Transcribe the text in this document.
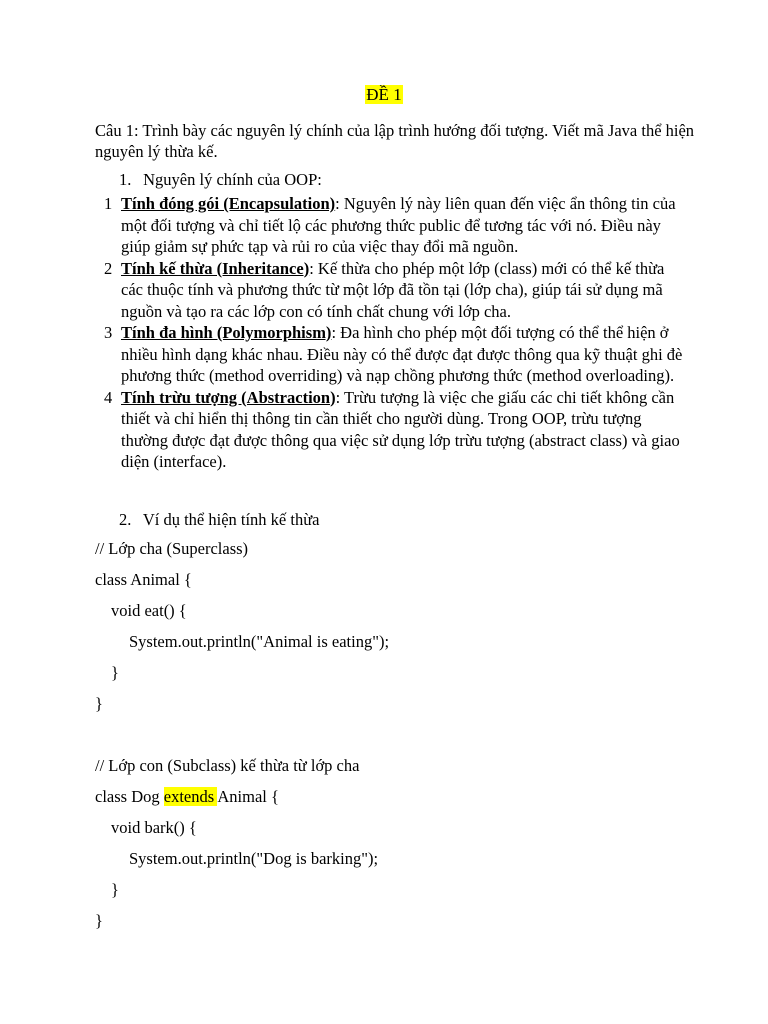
ĐỀ 1
Câu 1: Trình bày các nguyên lý chính của lập trình hướng đối tượng. Viết mã Java thể hiện nguyên lý thừa kế.
1. Nguyên lý chính của OOP:
1 Tính đóng gói (Encapsulation): Nguyên lý này liên quan đến việc ẩn thông tin của một đối tượng và chỉ tiết lộ các phương thức public để tương tác với nó. Điều này giúp giảm sự phức tạp và rủi ro của việc thay đổi mã nguồn.
2 Tính kế thừa (Inheritance): Kế thừa cho phép một lớp (class) mới có thể kế thừa các thuộc tính và phương thức từ một lớp đã tồn tại (lớp cha), giúp tái sử dụng mã nguồn và tạo ra các lớp con có tính chất chung với lớp cha.
3 Tính đa hình (Polymorphism): Đa hình cho phép một đối tượng có thể thể hiện ở nhiều hình dạng khác nhau. Điều này có thể được đạt được thông qua kỹ thuật ghi đè phương thức (method overriding) và nạp chồng phương thức (method overloading).
4 Tính trừu tượng (Abstraction): Trừu tượng là việc che giấu các chi tiết không cần thiết và chỉ hiển thị thông tin cần thiết cho người dùng. Trong OOP, trừu tượng thường được đạt được thông qua việc sử dụng lớp trừu tượng (abstract class) và giao diện (interface).
2. Ví dụ thể hiện tính kế thừa
// Lớp cha (Superclass)
class Animal {
void eat() {
System.out.println("Animal is eating");
}
}
// Lớp con (Subclass) kế thừa từ lớp cha
class Dog extends Animal {
void bark() {
System.out.println("Dog is barking");
}
}
